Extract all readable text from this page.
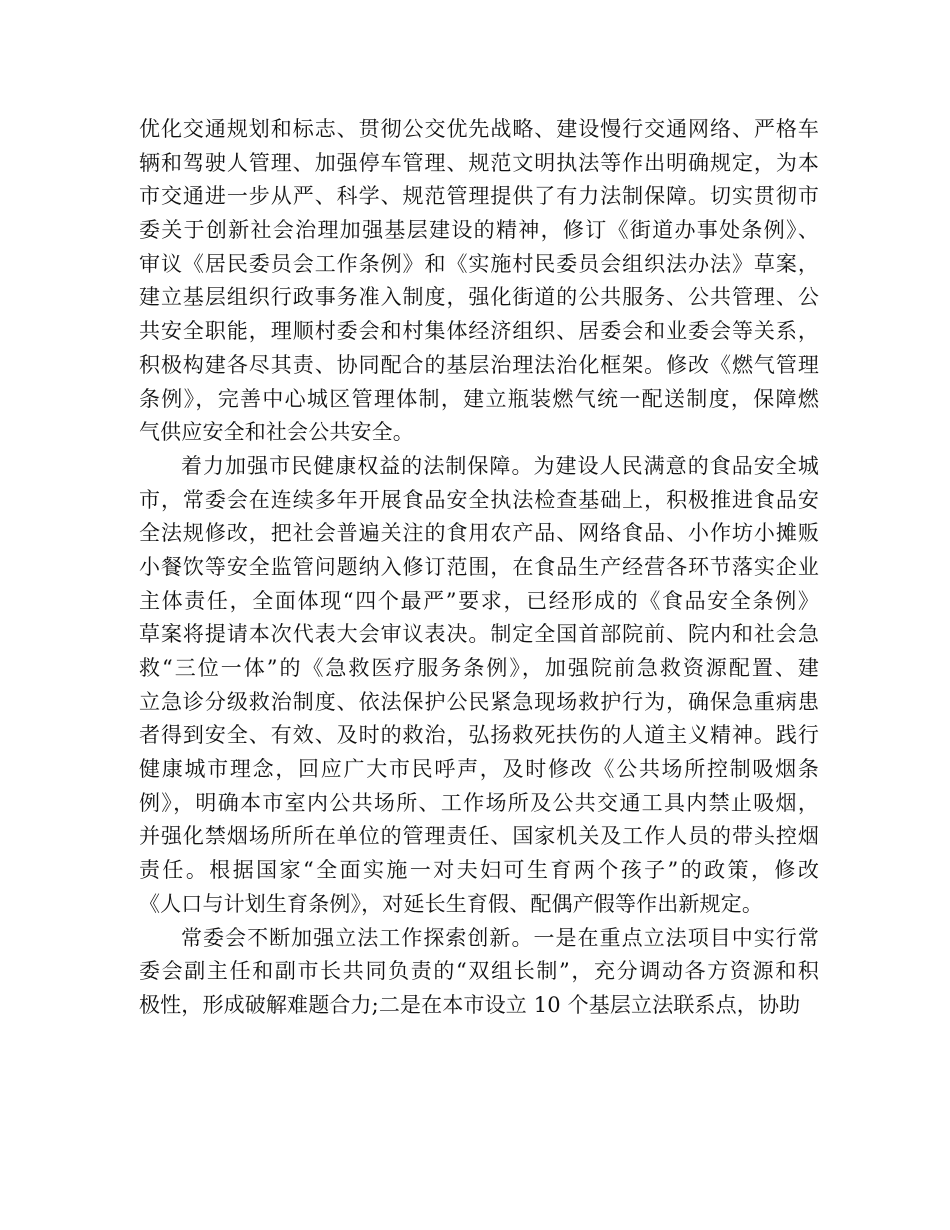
优化交通规划和标志、贯彻公交优先战略、建设慢行交通网络、严格车
辆和驾驶人管理、加强停车管理、规范文明执法等作出明确规定，为本
市交通进一步从严、科学、规范管理提供了有力法制保障。切实贯彻市
委关于创新社会治理加强基层建设的精神，修订《街道办事处条例》、
审议《居民委员会工作条例》和《实施村民委员会组织法办法》草案，
建立基层组织行政事务准入制度，强化街道的公共服务、公共管理、公
共安全职能，理顺村委会和村集体经济组织、居委会和业委会等关系，
积极构建各尽其责、协同配合的基层治理法治化框架。修改《燃气管理
条例》，完善中心城区管理体制，建立瓶装燃气统一配送制度，保障燃
气供应安全和社会公共安全。
着力加强市民健康权益的法制保障。为建设人民满意的食品安全城
市，常委会在连续多年开展食品安全执法检查基础上，积极推进食品安
全法规修改，把社会普遍关注的食用农产品、网络食品、小作坊小摊贩
小餐饮等安全监管问题纳入修订范围，在食品生产经营各环节落实企业
主体责任，全面体现“四个最严”要求，已经形成的《食品安全条例》
草案将提请本次代表大会审议表决。制定全国首部院前、院内和社会急
救“三位一体”的《急救医疗服务条例》，加强院前急救资源配置、建
立急诊分级救治制度、依法保护公民紧急现场救护行为，确保急重病患
者得到安全、有效、及时的救治，弘扬救死扶伤的人道主义精神。践行
健康城市理念，回应广大市民呼声，及时修改《公共场所控制吸烟条
例》，明确本市室内公共场所、工作场所及公共交通工具内禁止吸烟，
并强化禁烟场所所在单位的管理责任、国家机关及工作人员的带头控烟
责任。根据国家“全面实施一对夫妇可生育两个孩子”的政策，修改
《人口与计划生育条例》，对延长生育假、配偶产假等作出新规定。
常委会不断加强立法工作探索创新。一是在重点立法项目中实行常
委会副主任和副市长共同负责的“双组长制”，充分调动各方资源和积
极性，形成破解难题合力;二是在本市设立 10 个基层立法联系点，协助
